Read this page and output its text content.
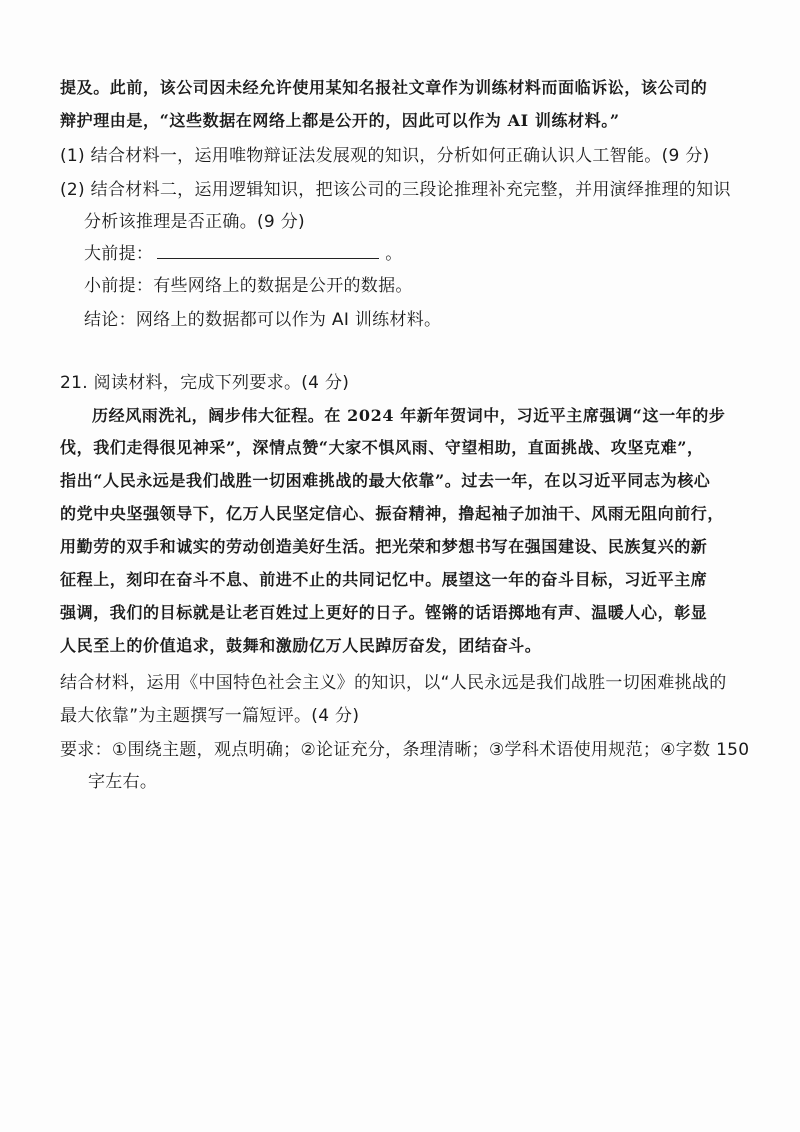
提及。此前，该公司因未经允许使用某知名报社文章作为训练材料而面临诉讼，该公司的
辩护理由是，“这些数据在网络上都是公开的，因此可以作为 AI 训练材料。”
(1) 结合材料一，运用唯物辩证法发展观的知识，分析如何正确认识人工智能。(9 分)
(2) 结合材料二，运用逻辑知识，把该公司的三段论推理补充完整，并用演绎推理的知识
分析该推理是否正确。(9 分)
大前提：	。
小前提：有些网络上的数据是公开的数据。
结论：网络上的数据都可以作为 AI 训练材料。
21. 阅读材料，完成下列要求。(4 分)
历经风雨洗礼，阔步伟大征程。在 2024 年新年贺词中，习近平主席强调“这一年的步
伐，我们走得很见神采”，深情点赞“大家不惧风雨、守望相助，直面挑战、攻坚克难”，
指出“人民永远是我们战胜一切困难挑战的最大依靠”。过去一年，在以习近平同志为核心
的党中央坚强领导下，亿万人民坚定信心、振奋精神，撸起袖子加油干、风雨无阻向前行，
用勤劳的双手和诚实的劳动创造美好生活。把光荣和梦想书写在强国建设、民族复兴的新
征程上，刻印在奋斗不息、前进不止的共同记忆中。展望这一年的奋斗目标，习近平主席
强调，我们的目标就是让老百姓过上更好的日子。铿锵的话语掷地有声、温暖人心，彰显
人民至上的价值追求，鼓舞和激励亿万人民踔厉奋发，团结奋斗。
结合材料，运用《中国特色社会主义》的知识，以“人民永远是我们战胜一切困难挑战的
最大依靠”为主题撰写一篇短评。(4 分)
要求：①围绕主题，观点明确；②论证充分，条理清晰；③学科术语使用规范；④字数 150
字左右。
